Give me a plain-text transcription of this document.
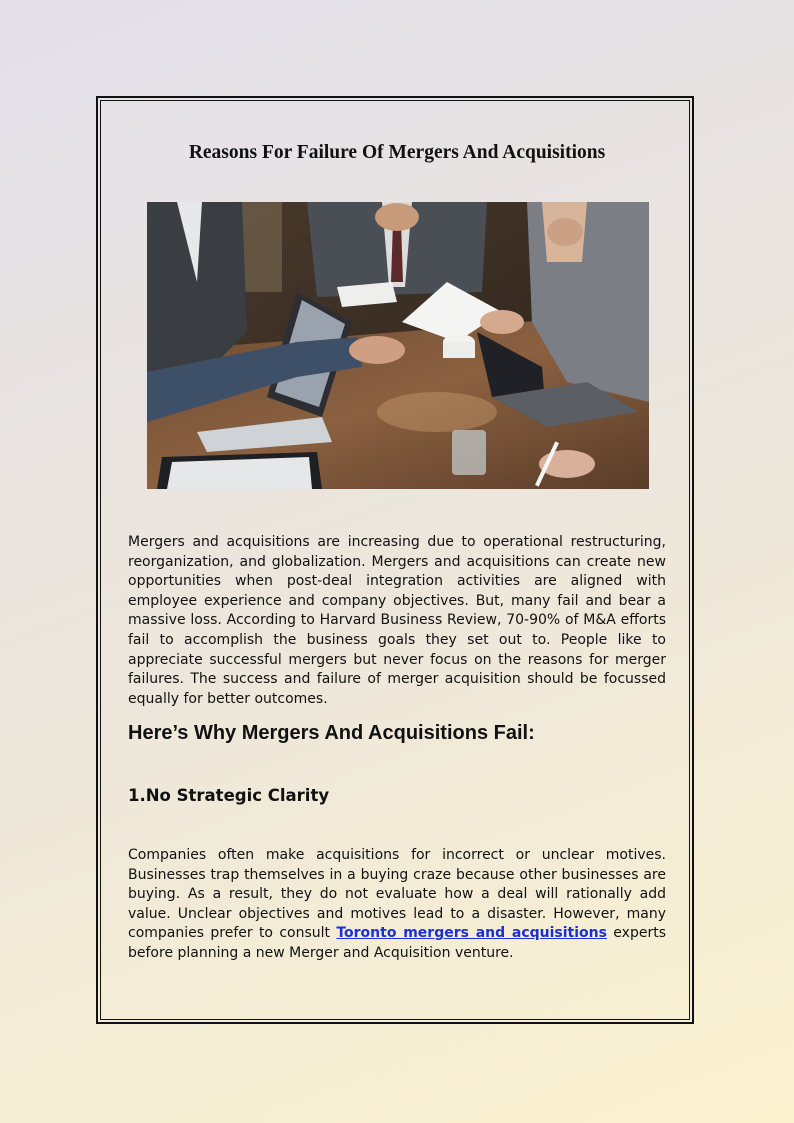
Reasons For Failure Of Mergers And Acquisitions

Mergers and acquisitions are increasing due to operational restructuring, reorganization, and globalization. Mergers and acquisitions can create new opportunities when post-deal integration activities are aligned with employee experience and company objectives. But, many fail and bear a massive loss. According to Harvard Business Review, 70-90% of M&A efforts fail to accomplish the business goals they set out to. People like to appreciate successful mergers but never focus on the reasons for merger failures. The success and failure of merger acquisition should be focussed equally for better outcomes.

Here’s Why Mergers And Acquisitions Fail:
1.No Strategic Clarity

Companies often make acquisitions for incorrect or unclear motives. Businesses trap themselves in a buying craze because other businesses are buying. As a result, they do not evaluate how a deal will rationally add value. Unclear objectives and motives lead to a disaster. However, many companies prefer to consult Toronto mergers and acquisitions experts before planning a new Merger and Acquisition venture.
